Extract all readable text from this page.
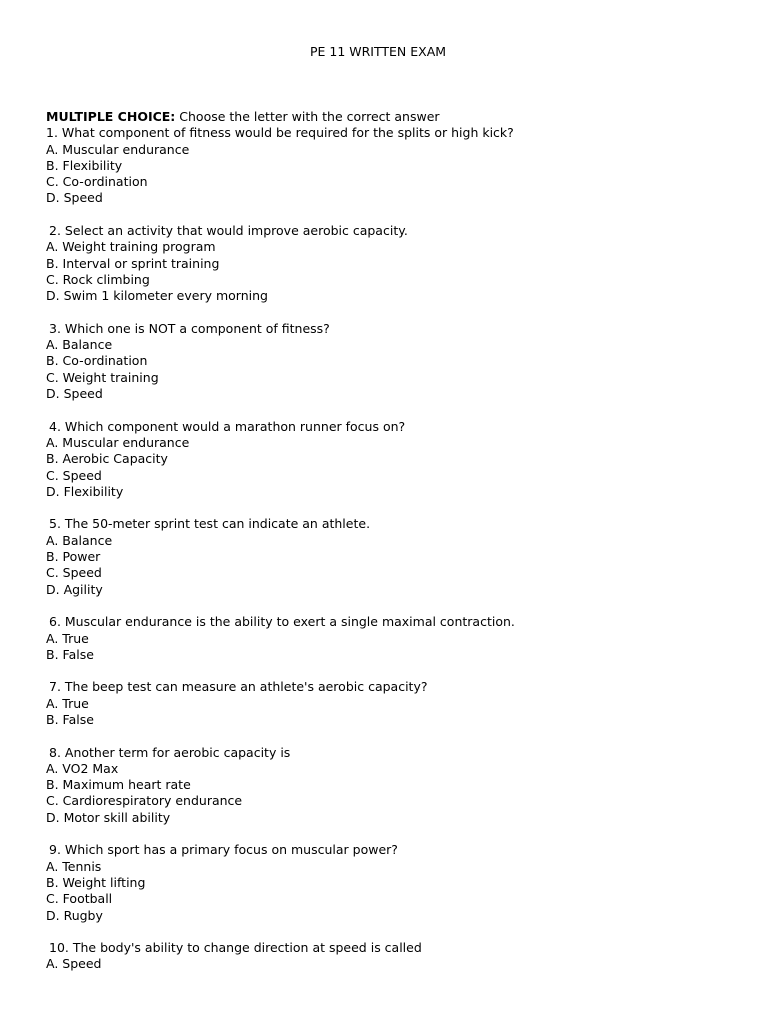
PE 11 WRITTEN EXAM
MULTIPLE CHOICE: Choose the letter with the correct answer
1. What component of fitness would be required for the splits or high kick?
A. Muscular endurance
B. Flexibility
C. Co-ordination
D. Speed
2. Select an activity that would improve aerobic capacity.
A. Weight training program
B. Interval or sprint training
C. Rock climbing
D. Swim 1 kilometer every morning
3. Which one is NOT a component of fitness?
A. Balance
B. Co-ordination
C. Weight training
D. Speed
4. Which component would a marathon runner focus on?
A. Muscular endurance
B. Aerobic Capacity
C. Speed
D. Flexibility
5. The 50-meter sprint test can indicate an athlete.
A. Balance
B. Power
C. Speed
D. Agility
6. Muscular endurance is the ability to exert a single maximal contraction.
A. True
B. False
7. The beep test can measure an athlete's aerobic capacity?
A. True
B. False
8. Another term for aerobic capacity is
A. VO2 Max
B. Maximum heart rate
C. Cardiorespiratory endurance
D. Motor skill ability
9. Which sport has a primary focus on muscular power?
A. Tennis
B. Weight lifting
C. Football
D. Rugby
10. The body's ability to change direction at speed is called
A. Speed
